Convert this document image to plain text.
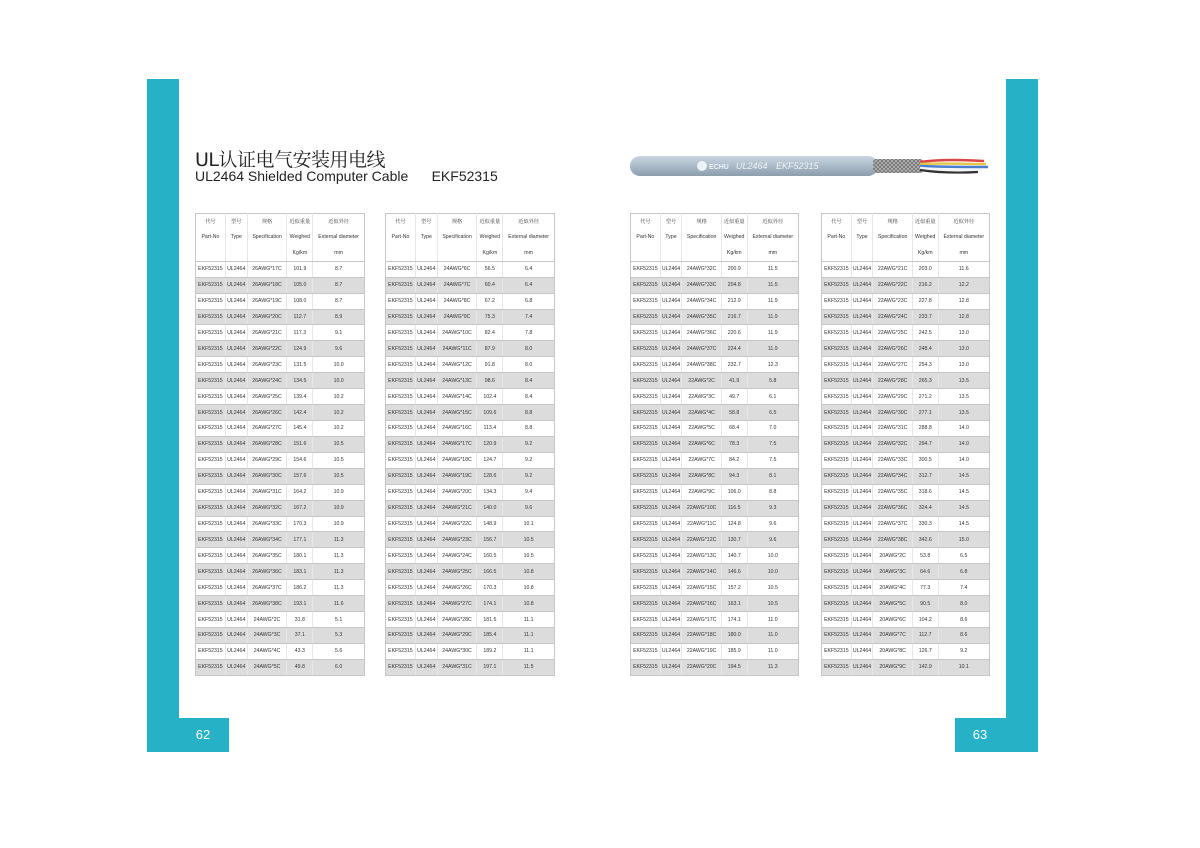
62	63
UL认证电气安装用电线
UL2464 Shielded Computer Cable EKF52315
ECHU UL2464 EKF52315
代号	型号	规格	近似重量	近似外径
Part-No	Type	Specification	Weighed	External diameter
			Kg/km	mm
EKF52315	UL2464	26AWG*17C	101.9	8.7
EKF52315	UL2464	26AWG*18C	105.0	8.7
EKF52315	UL2464	26AWG*19C	108.0	8.7
EKF52315	UL2464	26AWG*20C	112.7	8.9
EKF52315	UL2464	26AWG*21C	117.3	9.1
EKF52315	UL2464	26AWG*22C	124.9	9.6
EKF52315	UL2464	26AWG*23C	131.5	10.0
EKF52315	UL2464	26AWG*24C	134.5	10.0
EKF52315	UL2464	26AWG*25C	139.4	10.2
EKF52315	UL2464	26AWG*26C	142.4	10.2
EKF52315	UL2464	26AWG*27C	145.4	10.2
EKF52315	UL2464	26AWG*28C	151.6	10.5
EKF52315	UL2464	26AWG*29C	154.6	10.5
EKF52315	UL2464	26AWG*30C	157.6	10.5
EKF52315	UL2464	26AWG*31C	164.2	10.9
EKF52315	UL2464	26AWG*32C	167.2	10.9
EKF52315	UL2464	26AWG*33C	170.3	10.9
EKF52315	UL2464	26AWG*34C	177.1	11.3
EKF52315	UL2464	26AWG*35C	180.1	11.3
EKF52315	UL2464	26AWG*36C	183.1	11.3
EKF52315	UL2464	26AWG*37C	186.2	11.3
EKF52315	UL2464	26AWG*38C	193.1	11.6
EKF52315	UL2464	24AWG*2C	31.8	5.1
EKF52315	UL2464	24AWG*3C	37.1	5.3
EKF52315	UL2464	24AWG*4C	43.3	5.6
EKF52315	UL2464	24AWG*5C	49.8	6.0
代号	型号	规格	近似重量	近似外径
Part-No	Type	Specification	Weighed	External diameter
			Kg/km	mm
EKF52315	UL2464	24AWG*6C	56.5	6.4
EKF52315	UL2464	24AWG*7C	60.4	6.4
EKF52315	UL2464	24AWG*8C	67.2	6.8
EKF52315	UL2464	24AWG*9C	75.3	7.4
EKF52315	UL2464	24AWG*10C	82.4	7.8
EKF52315	UL2464	24AWG*11C	87.9	8.0
EKF52315	UL2464	24AWG*12C	91.8	8.0
EKF52315	UL2464	24AWG*13C	98.6	8.4
EKF52315	UL2464	24AWG*14C	102.4	8.4
EKF52315	UL2464	24AWG*15C	109.6	8.8
EKF52315	UL2464	24AWG*16C	113.4	8.8
EKF52315	UL2464	24AWG*17C	120.9	9.2
EKF52315	UL2464	24AWG*18C	124.7	9.2
EKF52315	UL2464	24AWG*19C	128.6	9.2
EKF52315	UL2464	24AWG*20C	134.3	9.4
EKF52315	UL2464	24AWG*21C	140.0	9.6
EKF52315	UL2464	24AWG*22C	148.9	10.1
EKF52315	UL2464	24AWG*23C	156.7	10.5
EKF52315	UL2464	24AWG*24C	160.5	10.5
EKF52315	UL2464	24AWG*25C	166.5	10.8
EKF52315	UL2464	24AWG*26C	170.3	10.8
EKF52315	UL2464	24AWG*27C	174.1	10.8
EKF52315	UL2464	24AWG*28C	181.5	11.1
EKF52315	UL2464	24AWG*29C	185.4	11.1
EKF52315	UL2464	24AWG*30C	189.2	11.1
EKF52315	UL2464	24AWG*31C	197.1	11.5
代号	型号	规格	近似重量	近似外径
Part-No	Type	Specification	Weighed	External diameter
			Kg/km	mm
EKF52315	UL2464	24AWG*32C	200.9	11.5
EKF52315	UL2464	24AWG*33C	204.8	11.5
EKF52315	UL2464	24AWG*34C	212.9	11.9
EKF52315	UL2464	24AWG*35C	216.7	11.9
EKF52315	UL2464	24AWG*36C	220.6	11.9
EKF52315	UL2464	24AWG*37C	224.4	11.9
EKF52315	UL2464	24AWG*38C	232.7	12.3
EKF52315	UL2464	22AWG*2C	41.9	5.8
EKF52315	UL2464	22AWG*3C	49.7	6.1
EKF52315	UL2464	22AWG*4C	58.8	6.5
EKF52315	UL2464	22AWG*5C	68.4	7.0
EKF52315	UL2464	22AWG*6C	78.3	7.5
EKF52315	UL2464	22AWG*7C	84.2	7.5
EKF52315	UL2464	22AWG*8C	94.3	8.1
EKF52315	UL2464	22AWG*9C	106.0	8.8
EKF52315	UL2464	22AWG*10C	116.5	9.3
EKF52315	UL2464	22AWG*11C	124.8	9.6
EKF52315	UL2464	22AWG*12C	130.7	9.6
EKF52315	UL2464	22AWG*13C	140.7	10.0
EKF52315	UL2464	22AWG*14C	146.6	10.0
EKF52315	UL2464	22AWG*15C	157.2	10.5
EKF52315	UL2464	22AWG*16C	163.1	10.5
EKF52315	UL2464	22AWG*17C	174.1	11.0
EKF52315	UL2464	22AWG*18C	180.0	11.0
EKF52315	UL2464	22AWG*19C	185.9	11.0
EKF52315	UL2464	22AWG*20C	194.5	11.3
代号	型号	规格	近似重量	近似外径
Part-No	Type	Specification	Weighed	External diameter
			Kg/km	mm
EKF52315	UL2464	22AWG*21C	203.0	11.6
EKF52315	UL2464	22AWG*22C	216.2	12.2
EKF52315	UL2464	22AWG*23C	227.8	12.8
EKF52315	UL2464	22AWG*24C	233.7	12.8
EKF52315	UL2464	22AWG*25C	242.5	13.0
EKF52315	UL2464	22AWG*26C	248.4	13.0
EKF52315	UL2464	22AWG*27C	254.3	13.0
EKF52315	UL2464	22AWG*28C	265.3	13.5
EKF52315	UL2464	22AWG*29C	271.2	13.5
EKF52315	UL2464	22AWG*30C	277.1	13.5
EKF52315	UL2464	22AWG*31C	288.8	14.0
EKF52315	UL2464	22AWG*32C	294.7	14.0
EKF52315	UL2464	22AWG*33C	300.5	14.0
EKF52315	UL2464	22AWG*34C	312.7	14.5
EKF52315	UL2464	22AWG*35C	318.6	14.5
EKF52315	UL2464	22AWG*36C	324.4	14.5
EKF52315	UL2464	22AWG*37C	330.3	14.5
EKF52315	UL2464	22AWG*38C	342.6	15.0
EKF52315	UL2464	20AWG*2C	53.8	6.5
EKF52315	UL2464	20AWG*3C	64.6	6.8
EKF52315	UL2464	20AWG*4C	77.3	7.4
EKF52315	UL2464	20AWG*5C	90.5	8.0
EKF52315	UL2464	20AWG*6C	104.2	8.6
EKF52315	UL2464	20AWG*7C	112.7	8.6
EKF52315	UL2464	20AWG*8C	126.7	9.2
EKF52315	UL2464	20AWG*9C	142.9	10.1
